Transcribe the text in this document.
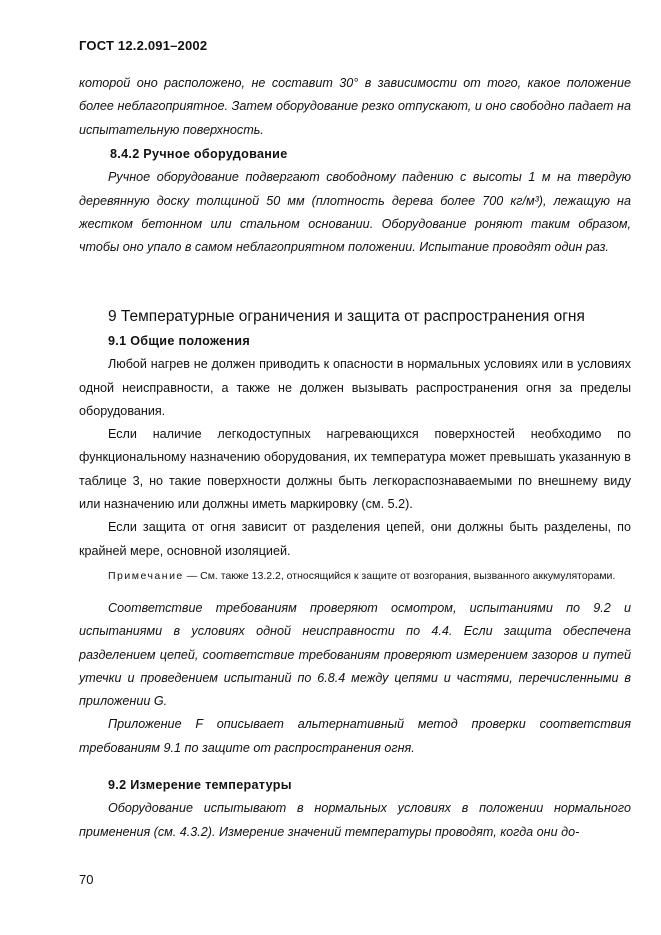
ГОСТ 12.2.091–2002

которой оно расположено, не составит 30° в зависимости от того, какое положение более неблагоприятное. Затем оборудование резко отпускают, и оно свободно падает на испытательную поверхность.

8.4.2 Ручное оборудование

Ручное оборудование подвергают свободному падению с высоты 1 м на твердую деревянную доску толщиной 50 мм (плотность дерева более 700 кг/м³), лежащую на жестком бетонном или стальном основании. Оборудование роняют таким образом, чтобы оно упало в самом неблагоприятном положении. Испытание проводят один раз.

9 Температурные ограничения и защита от распространения огня

9.1 Общие положения

Любой нагрев не должен приводить к опасности в нормальных условиях или в условиях одной неисправности, а также не должен вызывать распространения огня за пределы оборудования.

Если наличие легкодоступных нагревающихся поверхностей необходимо по функциональному назначению оборудования, их температура может превышать указанную в таблице 3, но такие поверхности должны быть легкораспознаваемыми по внешнему виду или назначению или должны иметь маркировку (см. 5.2).

Если защита от огня зависит от разделения цепей, они должны быть разделены, по крайней мере, основной изоляцией.

Примечание — См. также 13.2.2, относящийся к защите от возгорания, вызванного аккумуляторами.

Соответствие требованиям проверяют осмотром, испытаниями по 9.2 и испытаниями в условиях одной неисправности по 4.4. Если защита обеспечена разделением цепей, соответствие требованиям проверяют измерением зазоров и путей утечки и проведением испытаний по 6.8.4 между цепями и частями, перечисленными в приложении G.

Приложение F описывает альтернативный метод проверки соответствия требованиям 9.1 по защите от распространения огня.

9.2 Измерение температуры

Оборудование испытывают в нормальных условиях в положении нормального применения (см. 4.3.2). Измерение значений температуры проводят, когда они до-

70
